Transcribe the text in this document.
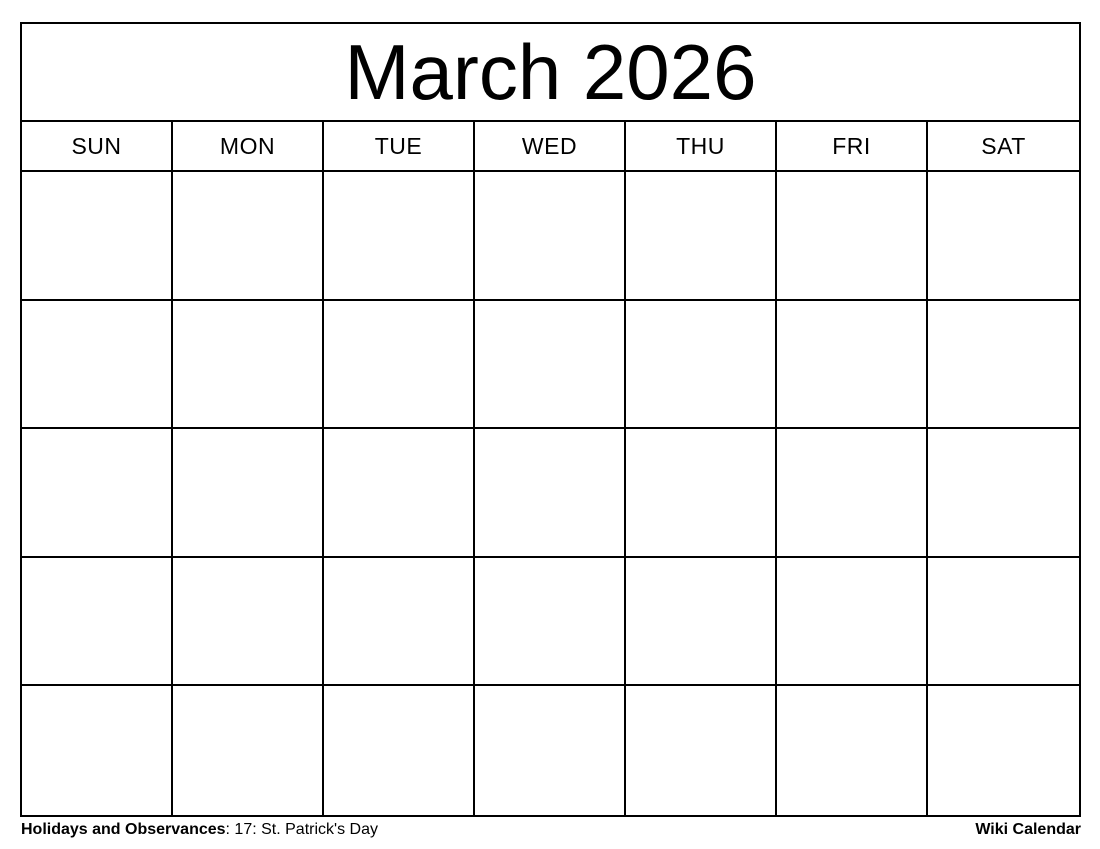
March 2026
SUN	MON	TUE	WED	THU	FRI	SAT
Holidays and Observances: 17: St. Patrick's Day	Wiki Calendar
